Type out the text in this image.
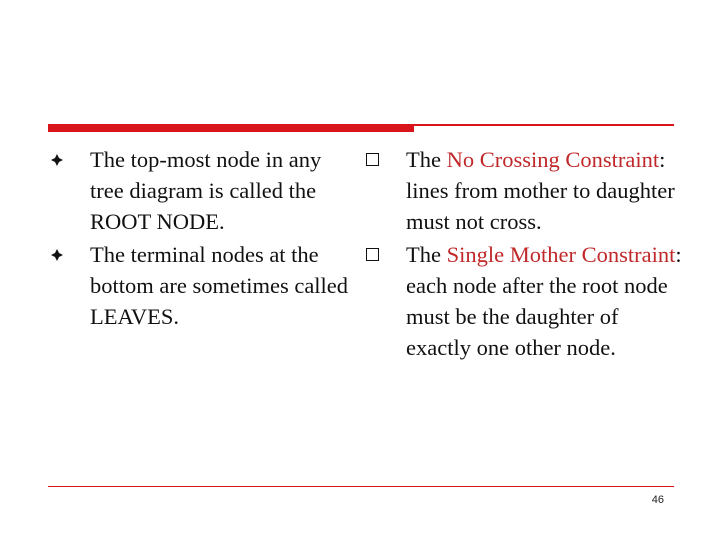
The top-most node in any tree diagram is called the ROOT NODE.
The terminal nodes at the bottom are sometimes called LEAVES.
The No Crossing Constraint: lines from mother to daughter must not cross.
The Single Mother Constraint: each node after the root node must be the daughter of exactly one other node.
46
